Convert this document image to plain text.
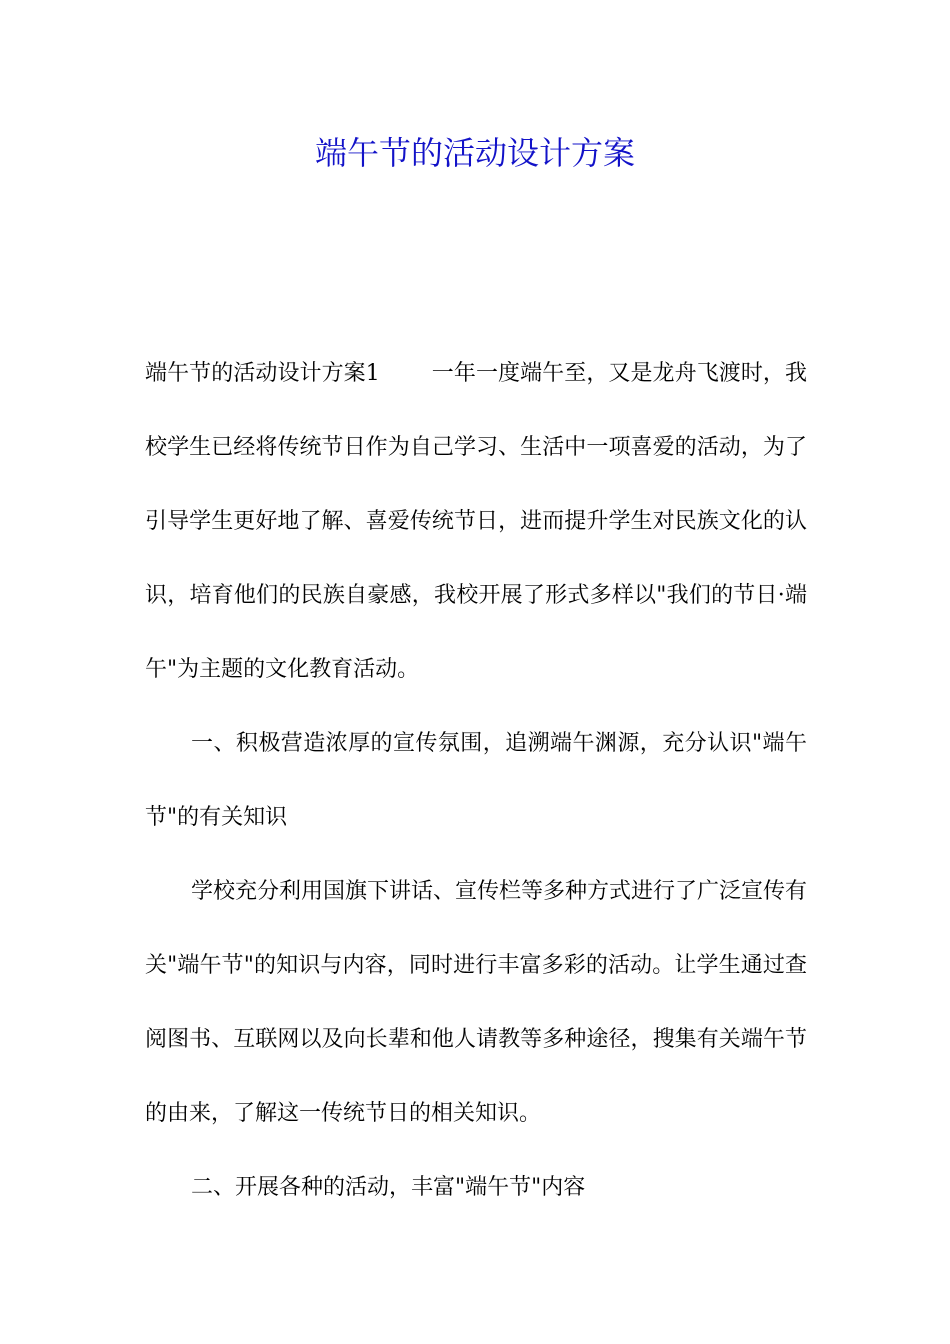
端午节的活动设计方案

端午节的活动设计方案1 一年一度端午至，又是龙舟飞渡时，我校学生已经将传统节日作为自己学习、生活中一项喜爱的活动，为了引导学生更好地了解、喜爱传统节日，进而提升学生对民族文化的认识，培育他们的民族自豪感，我校开展了形式多样以"我们的节日·端午"为主题的文化教育活动。

一、积极营造浓厚的宣传氛围，追溯端午渊源，充分认识"端午节"的有关知识

学校充分利用国旗下讲话、宣传栏等多种方式进行了广泛宣传有关"端午节"的知识与内容，同时进行丰富多彩的活动。让学生通过查阅图书、互联网以及向长辈和他人请教等多种途径，搜集有关端午节的由来，了解这一传统节日的相关知识。

二、开展各种的活动，丰富"端午节"内容
